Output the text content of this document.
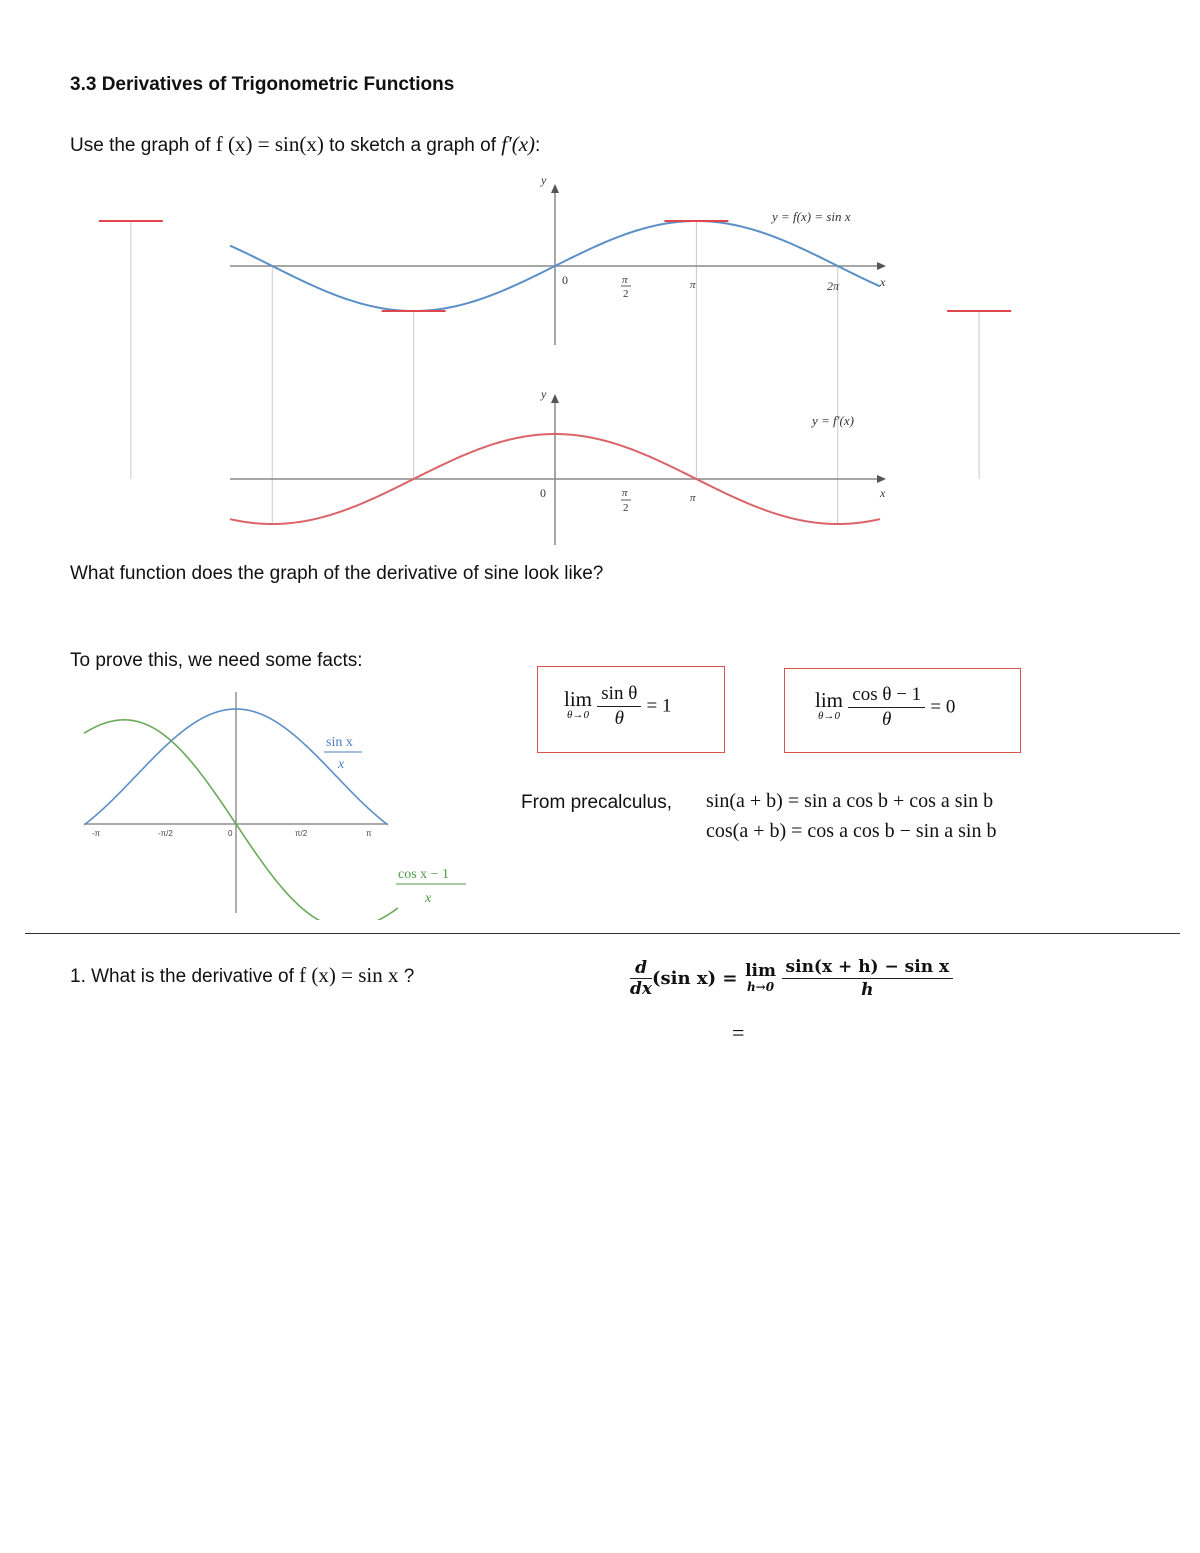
3.3 Derivatives of Trigonometric Functions
Use the graph of f (x) = sin(x) to sketch a graph of f′(x):
y
x
y = f(x) = sin x
0	π
2
π	2π
y
x
y = f′(x)
0	π
2
π
What function does the graph of the derivative of sine look like?
To prove this, we need some facts:
-π	-π/2	0	π/2	π
sin x
x
cos x − 1
x
lim
θ→0
$\frac{\text{sin θ}}{\theta} = 1$	lim
θ→0
$\frac{\text{cos θ − 1}}{\theta} = 0$
From precalculus, sin(a + b) = sin a cos b + cos a sin b
cos(a + b) = cos a cos b − sin a sin b
1. What is the derivative of f (x) = sin x ?	$\frac{d}{dx} (\sin$ x) = lim
h→0
$\frac{\text{sin(x + h) − sin x}}{h}$
=
